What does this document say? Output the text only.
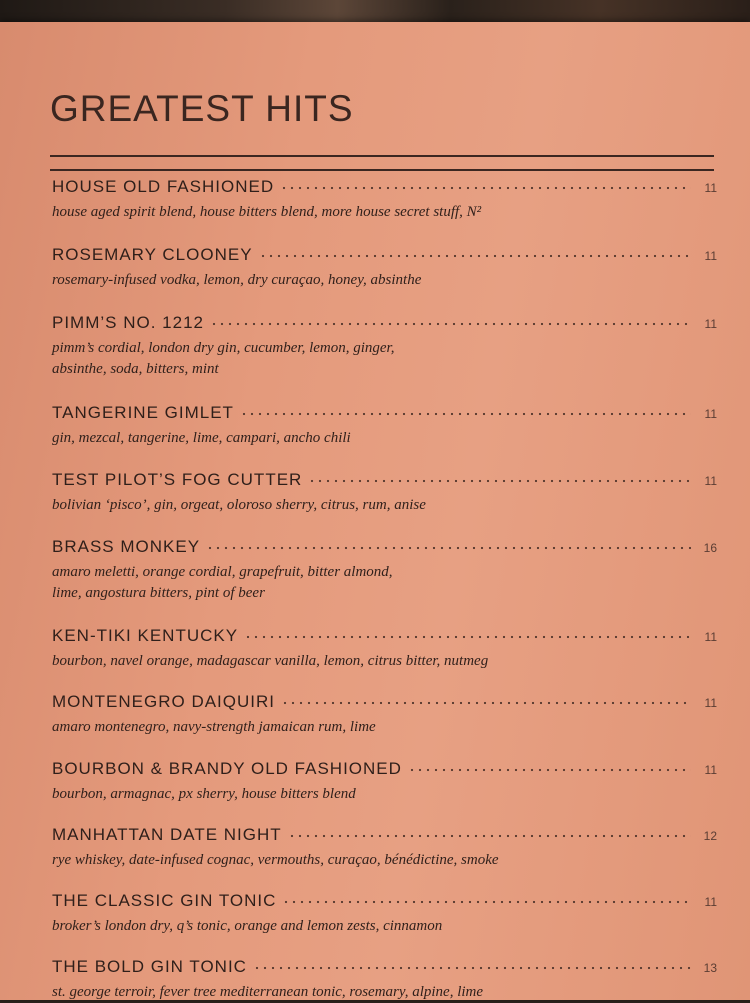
GREATEST HITS
HOUSE OLD FASHIONED	11
house aged spirit blend, house bitters blend, more house secret stuff, N²
ROSEMARY CLOONEY	11
rosemary-infused vodka, lemon, dry curaçao, honey, absinthe
PIMM’S NO. 1212	11
pimm’s cordial, london dry gin, cucumber, lemon, ginger,
absinthe, soda, bitters, mint
TANGERINE GIMLET	11
gin, mezcal, tangerine, lime, campari, ancho chili
TEST PILOT’S FOG CUTTER	11
bolivian ‘pisco’, gin, orgeat, oloroso sherry, citrus, rum, anise
BRASS MONKEY	16
amaro meletti, orange cordial, grapefruit, bitter almond,
lime, angostura bitters, pint of beer
KEN-TIKI KENTUCKY	11
bourbon, navel orange, madagascar vanilla, lemon, citrus bitter, nutmeg
MONTENEGRO DAIQUIRI	11
amaro montenegro, navy-strength jamaican rum, lime
BOURBON & BRANDY OLD FASHIONED	11
bourbon, armagnac, px sherry, house bitters blend
MANHATTAN DATE NIGHT	12
rye whiskey, date-infused cognac, vermouths, curaçao, bénédictine, smoke
THE CLASSIC GIN TONIC	11
broker’s london dry, q’s tonic, orange and lemon zests, cinnamon
THE BOLD GIN TONIC	13
st. george terroir, fever tree mediterranean tonic, rosemary, alpine, lime
